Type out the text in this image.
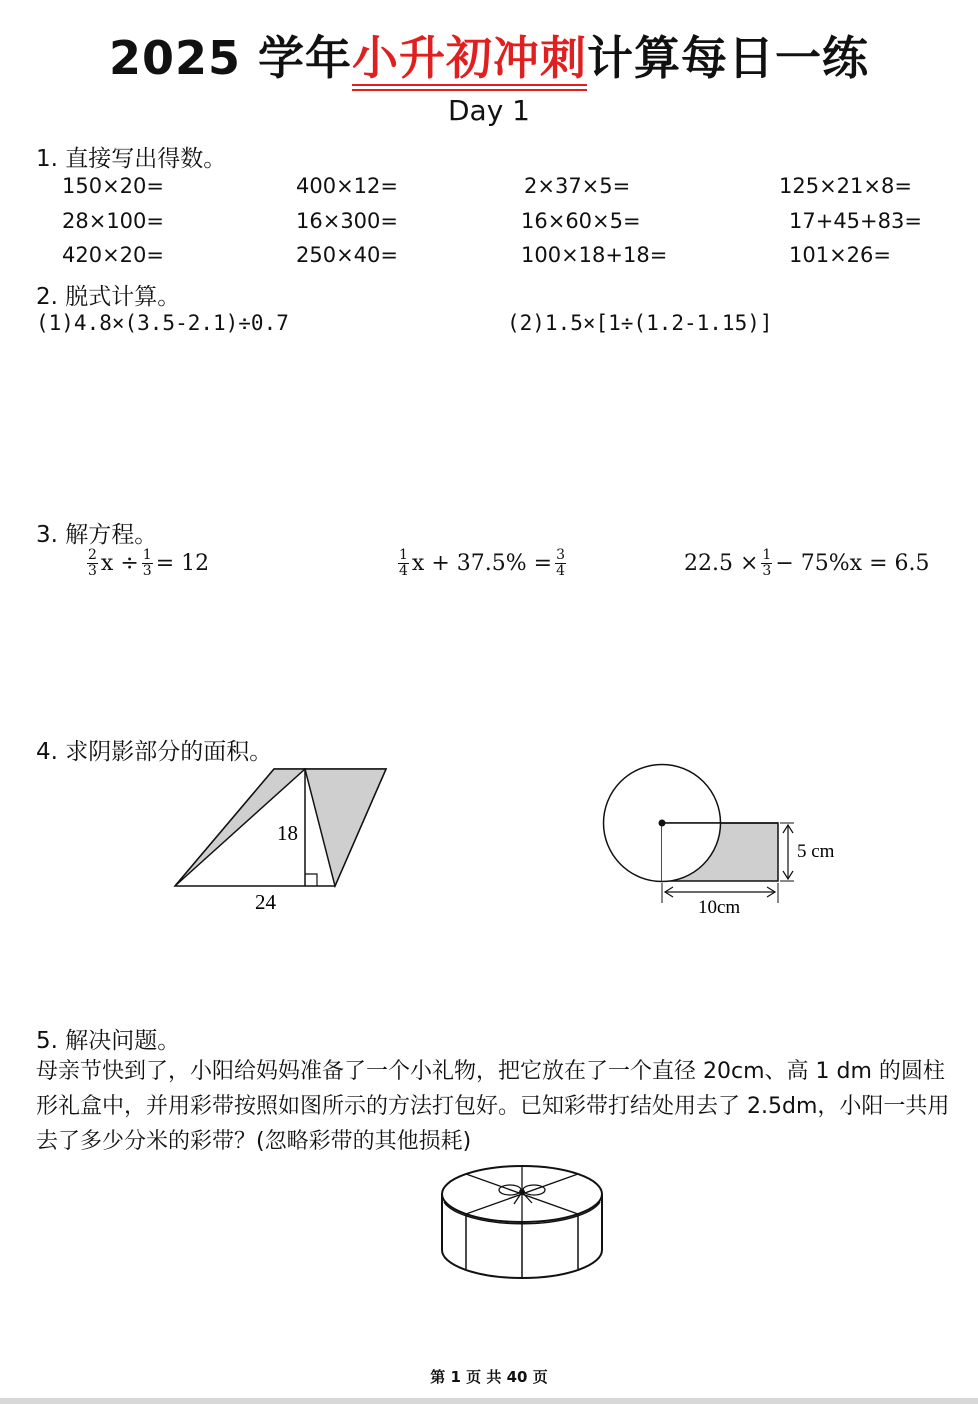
2025 学年小升初冲刺计算每日一练
Day 1
1. 直接写出得数。
150×20=	400×12=	2×37×5=	125×21×8=
28×100=	16×300=	16×60×5=	17+45+83=
420×20=	250×40=	100×18+18=	101×26=
2. 脱式计算。
(1)4.8×(3.5-2.1)÷0.7	(2)1.5×[1÷(1.2-1.15)]
3. 解方程。
$\frac{2}{3}$ $x \div \frac{1}{3} = 12$	$\frac{1}{4}$ $x + 37.5\% = \frac{3}{4}$	$22.5 \times \frac{1}{3} - 75\%x = 6.5$
4. 求阴影部分的面积。
18
24
5 cm
10cm
5. 解决问题。
母亲节快到了，小阳给妈妈准备了一个小礼物，把它放在了一个直径 20cm、高 1 dm 的圆柱形礼盒中，并用彩带按照如图所示的方法打包好。已知彩带打结处用去了 2.5dm，小阳一共用去了多少分米的彩带？(忽略彩带的其他损耗)
第 1 页 共 40 页
